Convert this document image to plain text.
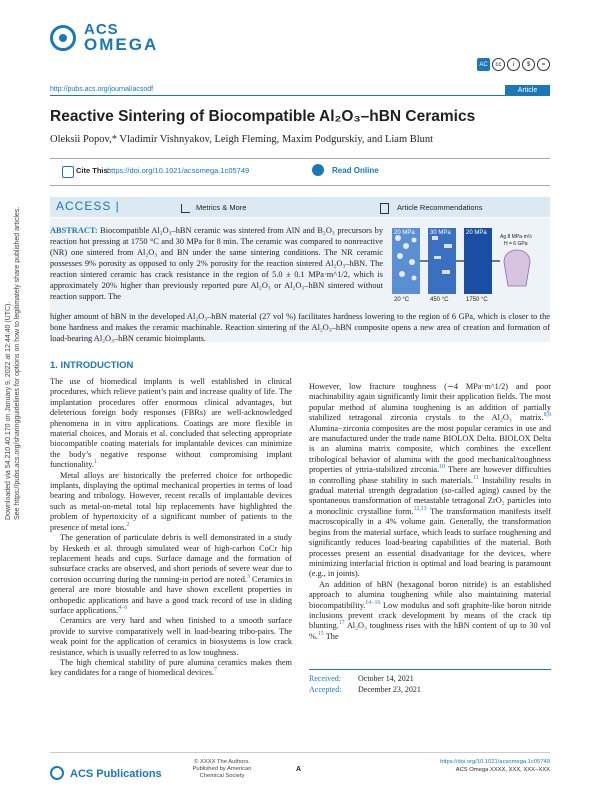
ACS
OMEGA
http://pubs.acs.org/journal/acsodf
AC	cc	i	$	=
Article
Reactive Sintering of Biocompatible Al₂O₃–hBN Ceramics
Oleksii Popov,* Vladimir Vishnyakov, Leigh Fleming, Maxim Podgurskiy, and Liam Blunt
Cite This:
https://doi.org/10.1021/acsomega.1c05749	Read Online
ACCESS |	Metrics & More	Article Recommendations
ABSTRACT: Biocompatible Al₂O₃–hBN ceramic was sintered from AlN and B₂O₃ precursors by reaction hot pressing at 1750 °C and 30 MPa for 8 min. The ceramic was compared to nonreactive (NR) one sintered from Al₂O₃ and BN under the same sintering conditions. The NR ceramic possesses 9% porosity as opposed to only 2% porosity for the reaction sintered Al₂O₃–hBN. The reaction sintered ceramic has crack resistance in the region of 5.0 ± 0.1 MPa·m^1/2, which is approximately 20% higher than previously reported pure Al₂O₃ or Al₂O₃–hBN sintered without reaction support. The
higher amount of hBN in the developed Al₂O₃–hBN material (27 vol %) facilitates hardness lowering to the region of 6 GPa, which is closer to the bone hardness and makes the ceramic machinable. Reaction sintering of the Al₂O₃–hBN composite opens a new area of creation and formation of load-bearing Al₂O₃–hBN ceramic bioimplants.
20 MPa	30 MPa	20 MPa
20 °C	450 °C	1750 °C
Ag 8 MPa·m½
H = 6 GPa
Downloaded via 54.210.40.170 on January 9, 2022 at 12:44:40 (UTC). See https://pubs.acs.org/sharingguidelines for options on how to legitimately share published articles.	1. INTRODUCTION

The use of biomedical implants is well established in clinical procedures, which relieve patient’s pain and increase quality of life. The implantation procedures offer enormous clinical advantages, but deleterious foreign body responses (FBRs) are well-acknowledged phenomena in in vitro applications. Coatings are more flexible in material choices, and Morais et al. concluded that selecting appropriate biocompatible coating materials for implantable devices can minimize the body’s negative response without compromising implant functionality.$^1$

Metal alloys are historically the preferred choice for orthopedic implants, displaying the optimal mechanical properties in terms of load bearing and tribology. However, recent recalls of implantable devices such as metal-on-metal total hip replacements have highlighted the problem of hypertoxicity of a significant number of patients to the presence of metal ions.$^2$

The generation of particulate debris is well demonstrated in a study by Hesketh et al. through simulated wear of high-carbon CoCr hip replacement heads and cups. Surface damage and the formation of subsurface cracks are observed, and short periods of severe wear due to corrosion occurring during the running-in period are noted.$^3$ Ceramics in general are more biostable and have shown excellent properties in orthopedic applications and have a good track record of use in sliding surface applications.$^{4-6}$

Ceramics are very hard and when finished to a smooth surface provide to survive comparatively well in load-bearing tribo-pairs. The weak point for the application of ceramics in biosystems is low crack resistance, which is usually referred to as low toughness.

The high chemical stability of pure alumina ceramics makes them key candidates for a range of biomedical devices.$^7$

However, low fracture toughness (∼4 MPa·m^1/2) and poor machinability again significantly limit their application fields. The most popular method of alumina toughening is an addition of partially stabilized tetragonal zirconia crystals to the Al₂O₃ matrix.$^{8,9}$ Alumina−zirconia composites are the most popular ceramics in use and are manufactured under the trade name BIOLOX Delta. BIOLOX Delta is an alumina matrix composite, which combines the excellent tribological behavior of alumina with the good mechanical/toughness properties of yttria-stabilized zirconia.$^{10}$ There are however difficulties in controlling phase stability in such materials.$^{11}$ Instability results in gradual material strength degradation (so-called aging) caused by the spontaneous transformation of metastable tetragonal ZrO₂ particles into a monoclinic crystalline form.$^{12,13}$ The transformation manifests itself macroscopically in a 4% volume gain. Generally, the transformation begins from the material surface, which leads to surface roughening and significantly reduces load-bearing capabilities of the material. Both processes present an essential disadvantage for the devices, where minimizing interfacial friction is optimal and load bearing is paramount (e.g., in joints).

An addition of hBN (hexagonal boron nitride) is an established approach to alumina toughening while also maintaining material biocompatibility.$^{14-16}$ Low modulus and soft graphite-like boron nitride inclusions prevent crack development by means of the crack tip blunting.$^{17}$ Al₂O₃ toughness rises with the hBN content of up to 30 vol %.$^{15}$ The

Received: October 14, 2021
Accepted: December 23, 2021
ACS Publications
© XXXX The Authors. Published by American Chemical Society
A
https://doi.org/10.1021/acsomega.1c05749
ACS Omega XXXX, XXX, XXX−XXX
